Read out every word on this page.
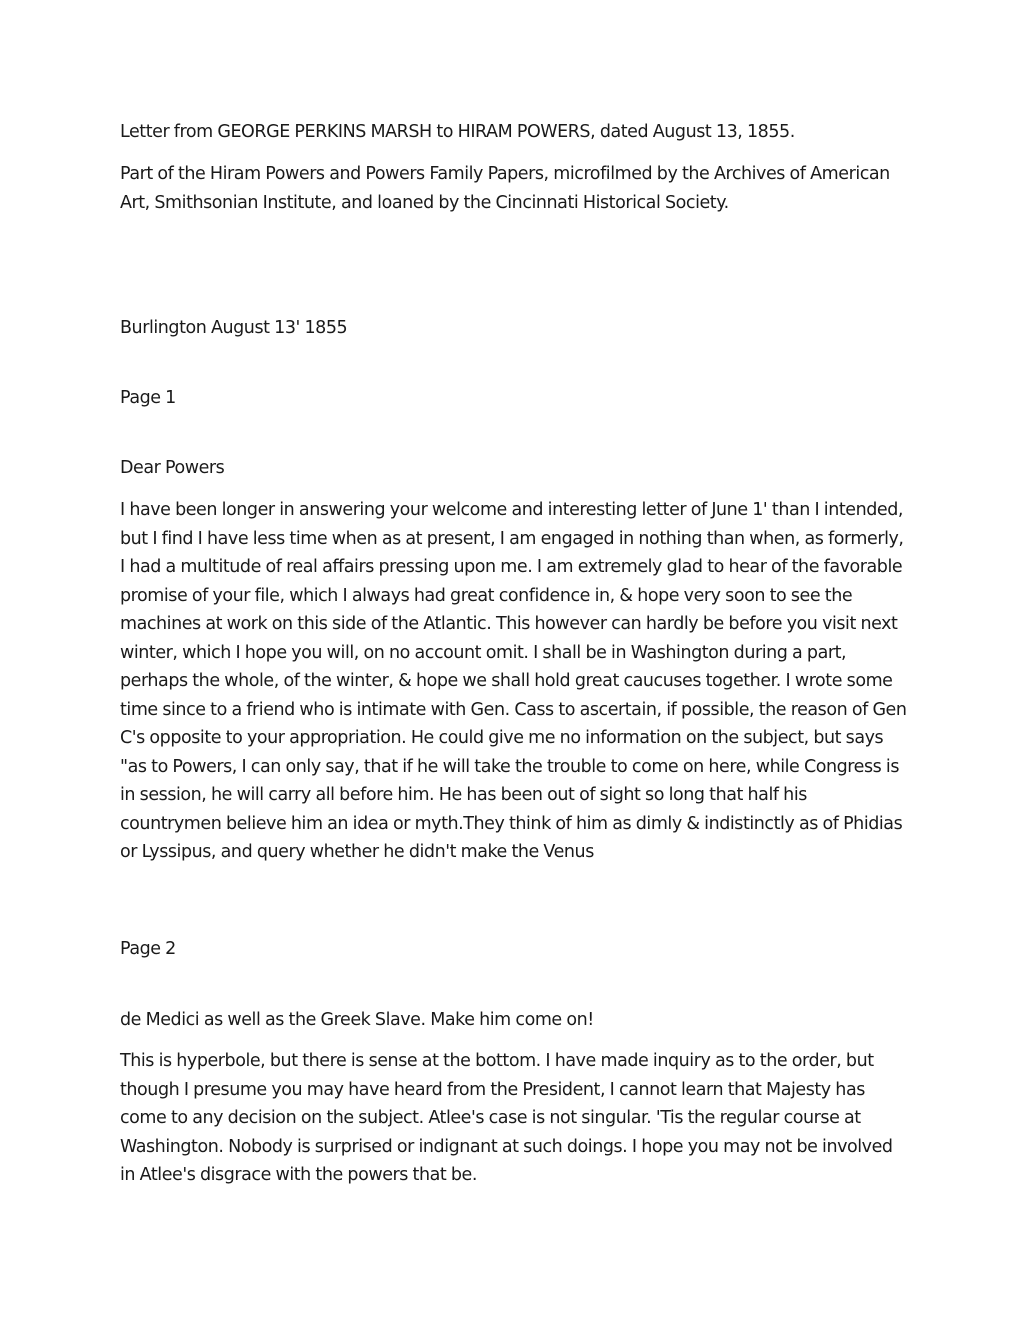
Letter from GEORGE PERKINS MARSH to HIRAM POWERS, dated August 13, 1855.

Part of the Hiram Powers and Powers Family Papers, microfilmed by the Archives of American Art, Smithsonian Institute, and loaned by the Cincinnati Historical Society.

Burlington August 13' 1855

Page 1

Dear Powers

I have been longer in answering your welcome and interesting letter of June 1' than I intended, but I find I have less time when as at present, I am engaged in nothing than when, as formerly, I had a multitude of real affairs pressing upon me. I am extremely glad to hear of the favorable promise of your file, which I always had great confidence in, & hope very soon to see the machines at work on this side of the Atlantic. This however can hardly be before you visit next winter, which I hope you will, on no account omit. I shall be in Washington during a part, perhaps the whole, of the winter, & hope we shall hold great caucuses together. I wrote some time since to a friend who is intimate with Gen. Cass to ascertain, if possible, the reason of Gen C's opposite to your appropriation. He could give me no information on the subject, but says "as to Powers, I can only say, that if he will take the trouble to come on here, while Congress is in session, he will carry all before him. He has been out of sight so long that half his countrymen believe him an idea or myth.They think of him as dimly & indistinctly as of Phidias or Lyssipus, and query whether he didn't make the Venus

Page 2

de Medici as well as the Greek Slave. Make him come on!

This is hyperbole, but there is sense at the bottom. I have made inquiry as to the order, but though I presume you may have heard from the President, I cannot learn that Majesty has come to any decision on the subject. Atlee's case is not singular. 'Tis the regular course at Washington. Nobody is surprised or indignant at such doings. I hope you may not be involved in Atlee's disgrace with the powers that be.
